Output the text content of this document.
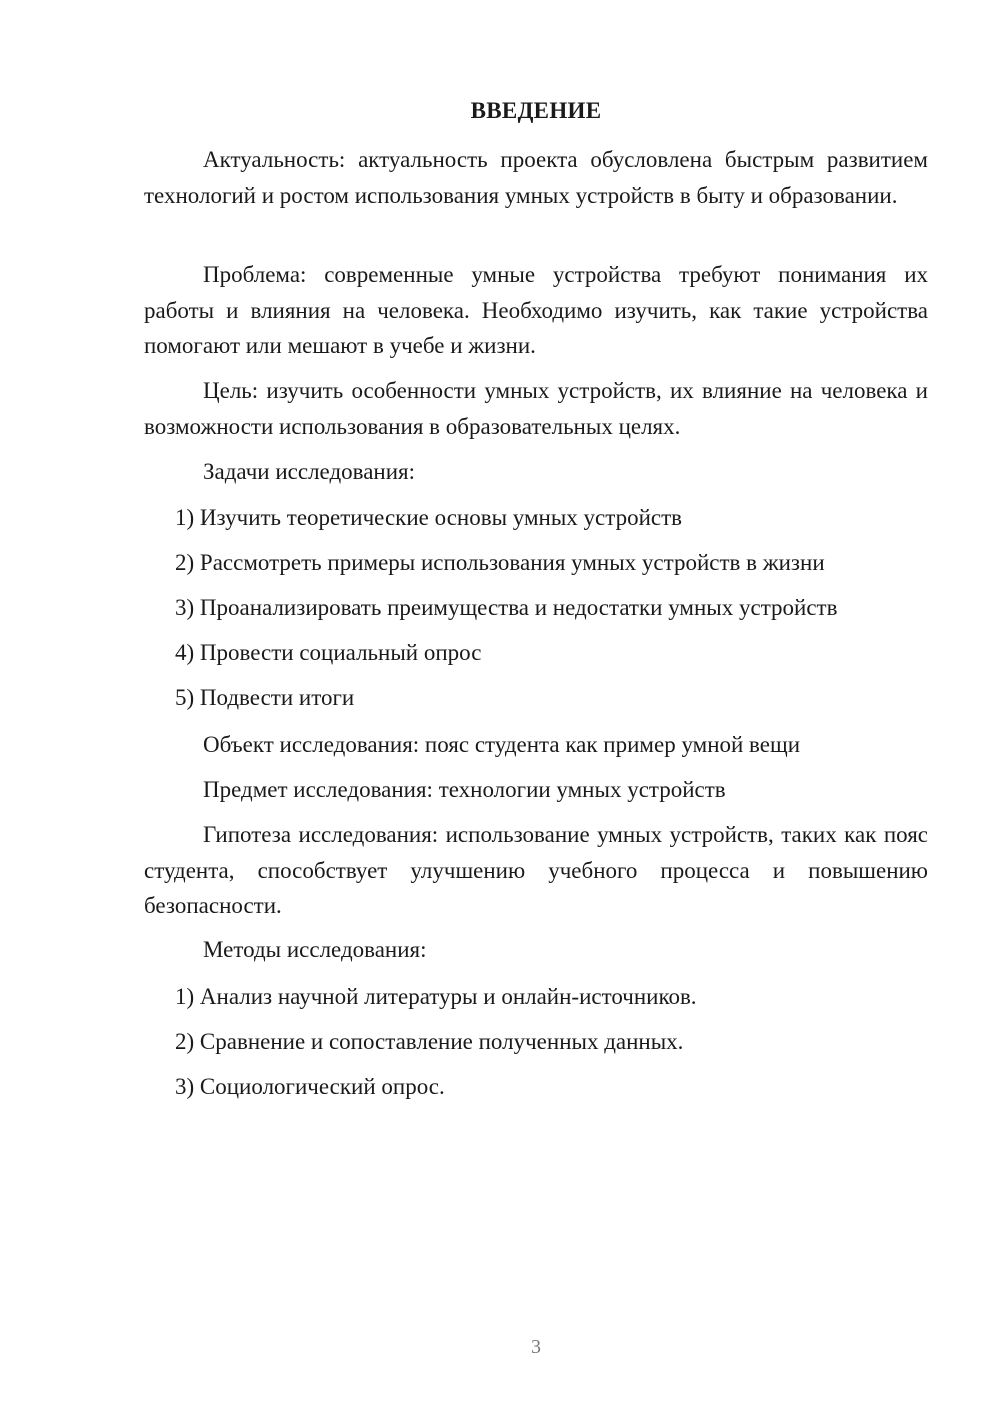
ВВЕДЕНИЕ
Актуальность: актуальность проекта обусловлена быстрым развитием технологий и ростом использования умных устройств в быту и образовании.
Проблема: современные умные устройства требуют понимания их работы и влияния на человека. Необходимо изучить, как такие устройства помогают или мешают в учебе и жизни.
Цель: изучить особенности умных устройств, их влияние на человека и возможности использования в образовательных целях.
Задачи исследования:
1) Изучить теоретические основы умных устройств
2) Рассмотреть примеры использования умных устройств в жизни
3) Проанализировать преимущества и недостатки умных устройств
4) Провести социальный опрос
5) Подвести итоги
Объект исследования: пояс студента как пример умной вещи
Предмет исследования: технологии умных устройств
Гипотеза исследования: использование умных устройств, таких как пояс студента, способствует улучшению учебного процесса и повышению безопасности.
Методы исследования:
1) Анализ научной литературы и онлайн-источников.
2) Сравнение и сопоставление полученных данных.
3) Социологический опрос.
3
